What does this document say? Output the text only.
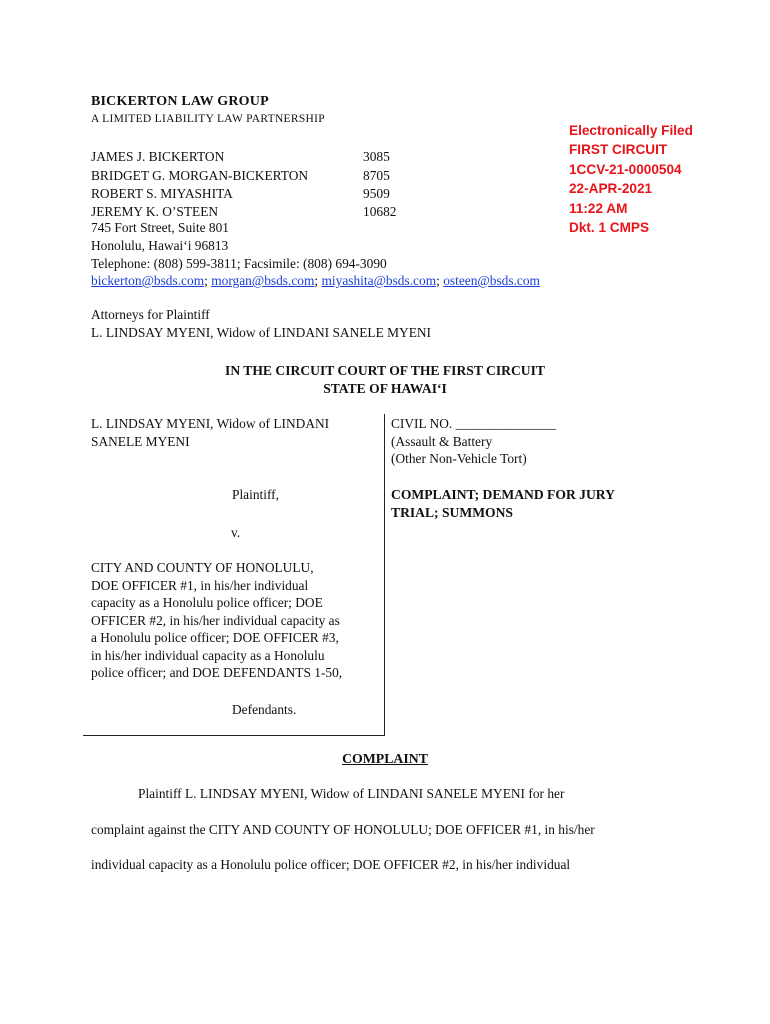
BICKERTON LAW GROUP
A LIMITED LIABILITY LAW PARTNERSHIP
JAMES J. BICKERTON	3085
BRIDGET G. MORGAN-BICKERTON	8705
ROBERT S. MIYASHITA	9509
JEREMY K. O’STEEN	10682
745 Fort Street, Suite 801
Honolulu, Hawai‘i 96813
Telephone: (808) 599-3811; Facsimile: (808) 694-3090
bickerton@bsds.com; morgan@bsds.com; miyashita@bsds.com; osteen@bsds.com
Electronically Filed
FIRST CIRCUIT
1CCV-21-0000504
22-APR-2021
11:22 AM
Dkt. 1 CMPS
Attorneys for Plaintiff
L. LINDSAY MYENI, Widow of LINDANI SANELE MYENI
IN THE CIRCUIT COURT OF THE FIRST CIRCUIT
STATE OF HAWAI‘I
L. LINDSAY MYENI, Widow of LINDANI
SANELE MYENI
Plaintiff,
v.
CITY AND COUNTY OF HONOLULU,
DOE OFFICER #1, in his/her individual
capacity as a Honolulu police officer; DOE
OFFICER #2, in his/her individual capacity as
a Honolulu police officer; DOE OFFICER #3,
in his/her individual capacity as a Honolulu
police officer; and DOE DEFENDANTS 1-50,
Defendants.
CIVIL NO. _______________
(Assault & Battery
(Other Non-Vehicle Tort)
COMPLAINT; DEMAND FOR JURY
TRIAL; SUMMONS
COMPLAINT
Plaintiff L. LINDSAY MYENI, Widow of LINDANI SANELE MYENI for her
complaint against the CITY AND COUNTY OF HONOLULU; DOE OFFICER #1, in his/her
individual capacity as a Honolulu police officer; DOE OFFICER #2, in his/her individual
